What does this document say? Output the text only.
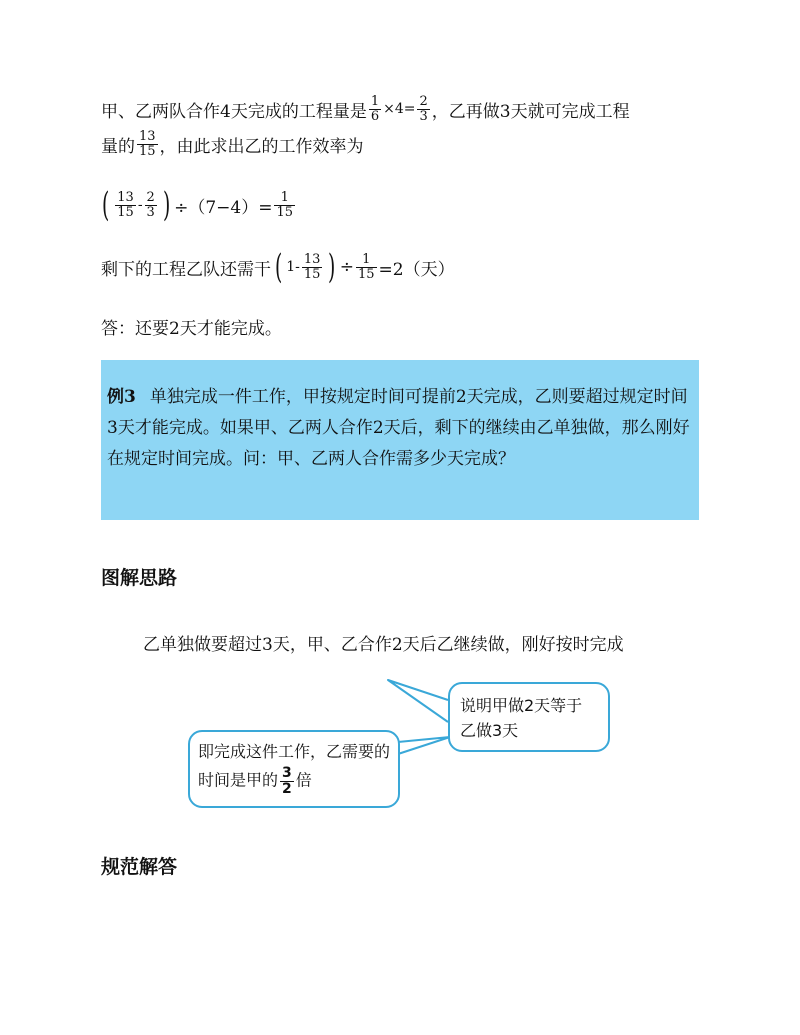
甲、乙两队合作4天完成的工程量是 $\frac{1}{6} \times 4= \frac{2}{3}$ ，乙再做3天就可完成工程
量的 $\frac{13}{15}$ ，由此求出乙的工作效率为
( $\frac{13}{15} - \frac{2}{3}$ ) $\div(7-4)= \frac{1}{15}$
剩下的工程乙队还需干 ( $1- \frac{13}{15}$ ) ÷ $\frac{1}{15} =2$（天）
答：还要2天才能完成。
例3 单独完成一件工作，甲按规定时间可提前2天完成，乙则要超过规定时间3天才能完成。如果甲、乙两人合作2天后，剩下的继续由乙单独做，那么刚好在规定时间完成。问：甲、乙两人合作需多少天完成？
图解思路
乙单独做要超过3天，甲、乙合作2天后乙继续做，刚好按时完成
说明甲做2天等于乙做3天
即完成这件工作，乙需要的时间是甲的 $\frac{3}{2}$ 倍
规范解答
